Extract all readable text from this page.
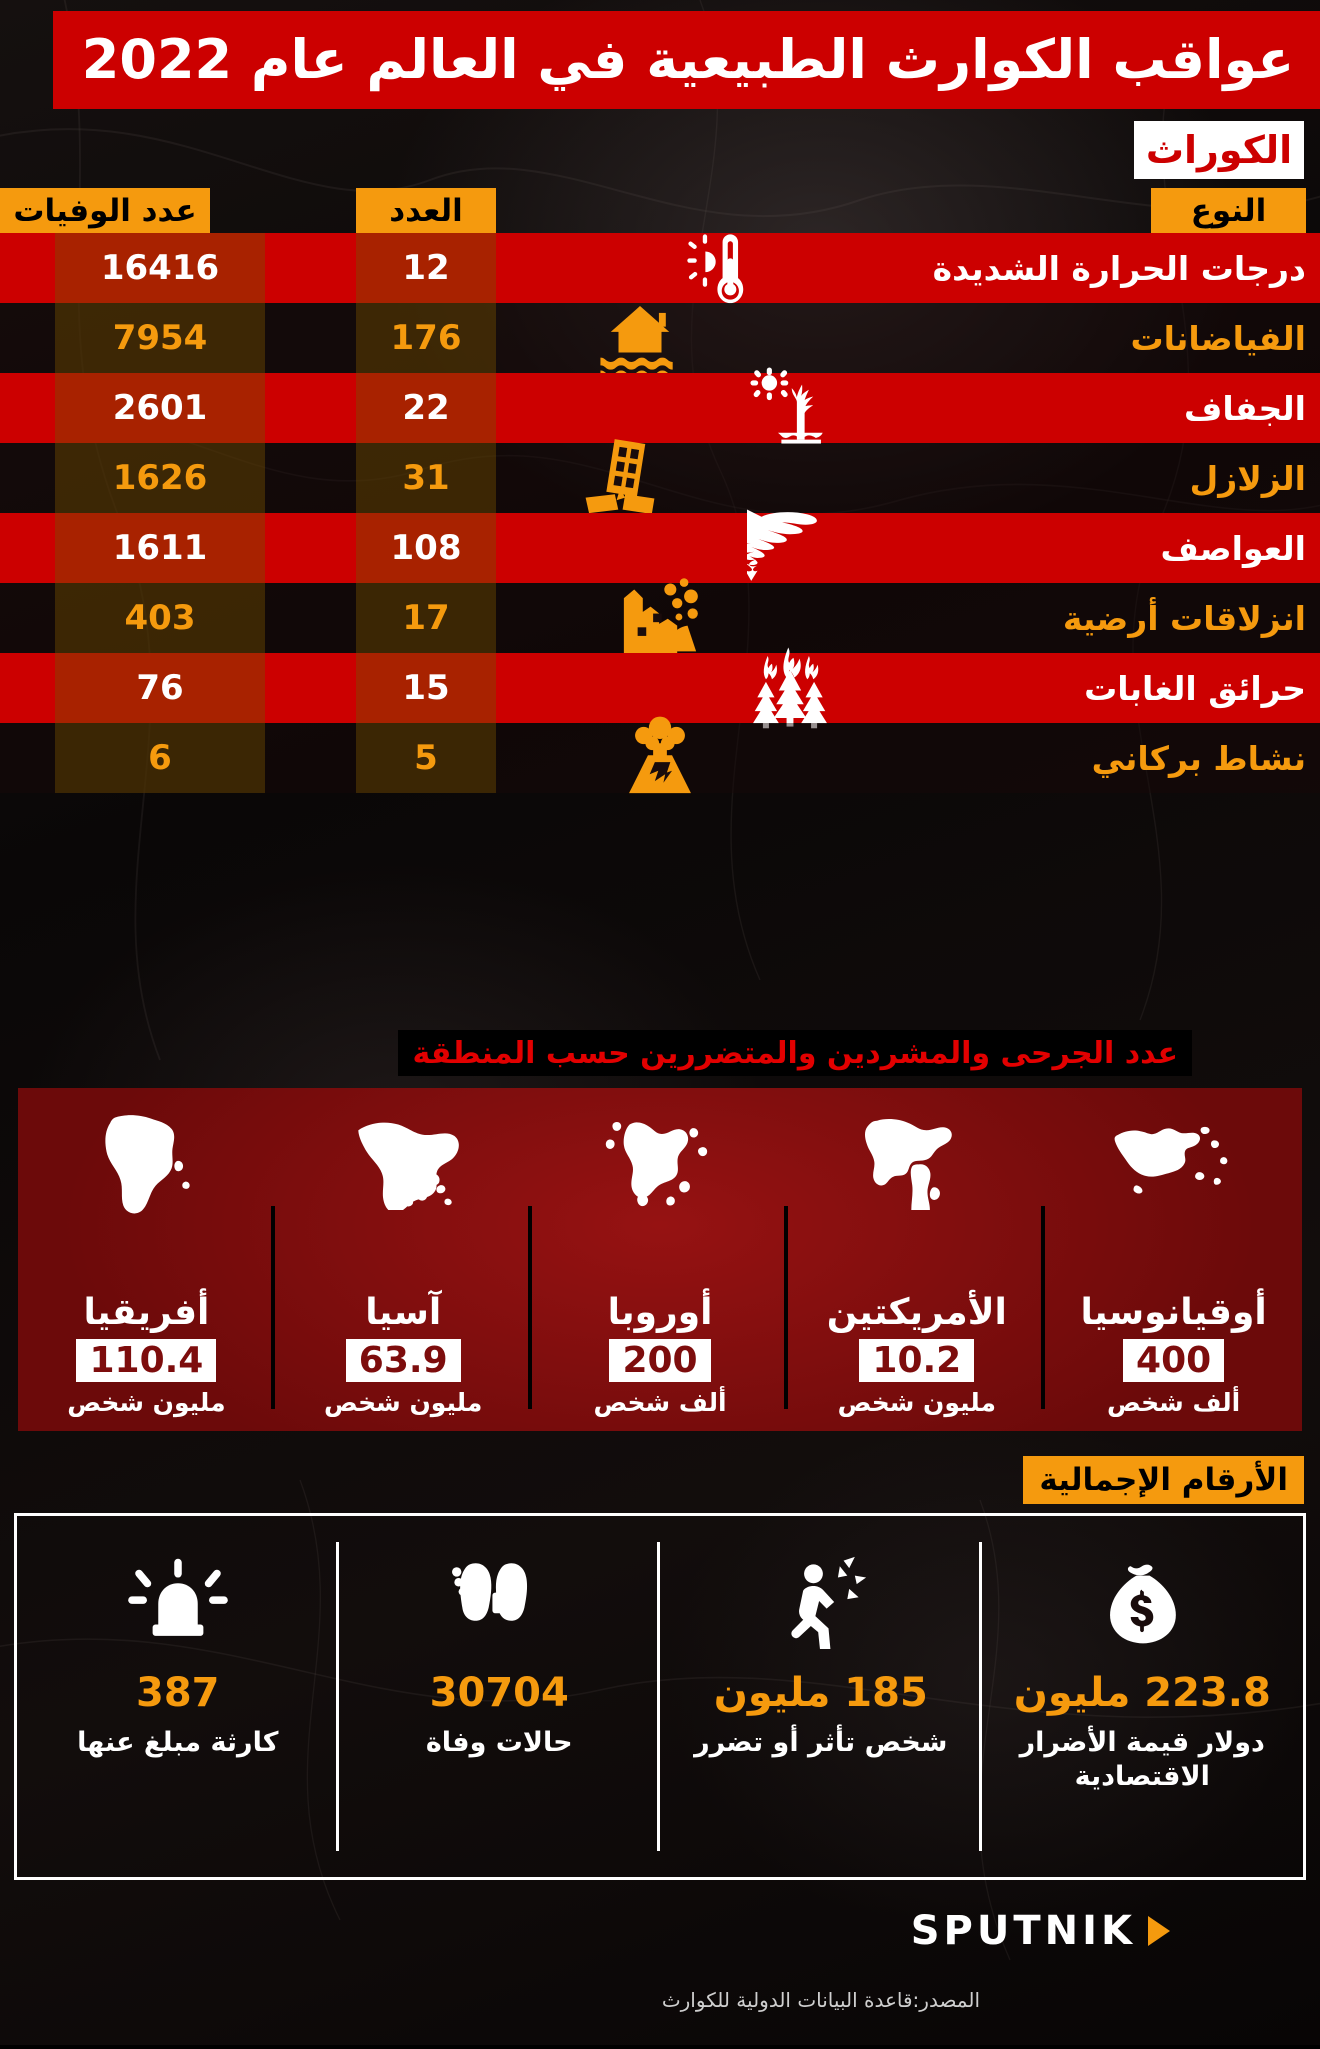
عواقب الكوارث الطبيعية في العالم عام 2022
الكوراث
النوع
العدد
عدد الوفيات
16416	12	درجات الحرارة الشديدة
7954	176	الفياضانات
2601	22	الجفاف
1626	31	الزلازل
1611	108	العواصف
403	17	انزلاقات أرضية
76	15	حرائق الغابات
6	5	نشاط بركاني
عدد الجرحى والمشردين والمتضررين حسب المنطقة
أوقيانوسيا
400
ألف شخص
الأمريكتين
10.2
مليون شخص
أوروبا
200
ألف شخص
آسيا
63.9
مليون شخص
أفريقيا
110.4
مليون شخص
الأرقام الإجمالية
223.8 مليون
دولار قيمة الأضرار الاقتصادية
185 مليون
شخص تأثر أو تضرر
30704
حالات وفاة
387
كارثة مبلغ عنها
SPUTNIK
المصدر:قاعدة البيانات الدولية للكوارث
